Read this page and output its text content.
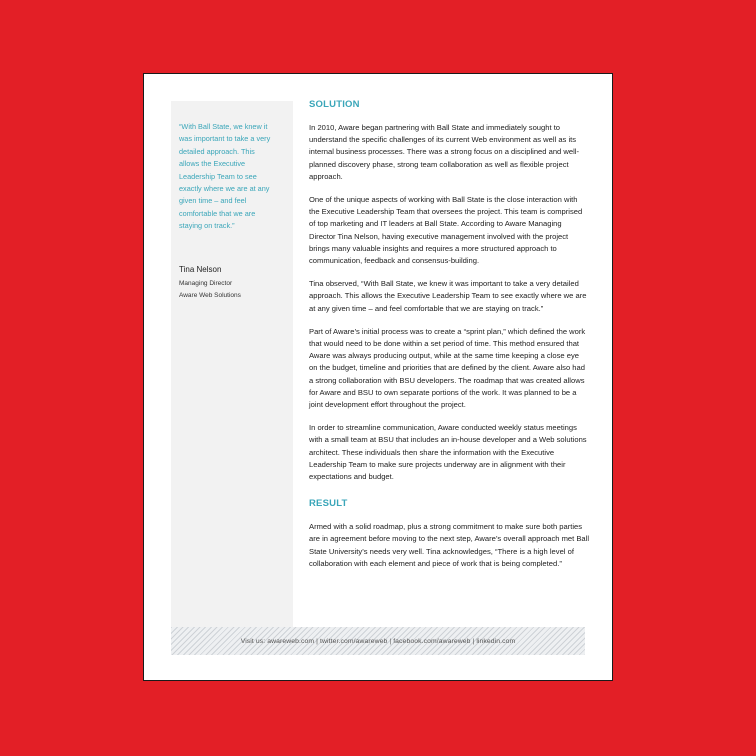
“With Ball State, we knew it was important to take a very detailed approach. This allows the Executive Leadership Team to see exactly where we are at any given time – and feel comfortable that we are staying on track.”

Tina Nelson

Managing Director
Aware Web Solutions
SOLUTION

In 2010, Aware began partnering with Ball State and immediately sought to understand the specific challenges of its current Web environment as well as its internal business processes. There was a strong focus on a disciplined and well-planned discovery phase, strong team collaboration as well as flexible project approach.

One of the unique aspects of working with Ball State is the close interaction with the Executive Leadership Team that oversees the project. This team is comprised of top marketing and IT leaders at Ball State. According to Aware Managing Director Tina Nelson, having executive management involved with the project brings many valuable insights and requires a more structured approach to communication, feedback and consensus-building.

Tina observed, “With Ball State, we knew it was important to take a very detailed approach. This allows the Executive Leadership Team to see exactly where we are at any given time – and feel comfortable that we are staying on track.”

Part of Aware’s initial process was to create a “sprint plan,” which defined the work that would need to be done within a set period of time. This method ensured that Aware was always producing output, while at the same time keeping a close eye on the budget, timeline and priorities that are defined by the client. Aware also had a strong collaboration with BSU developers. The roadmap that was created allows for Aware and BSU to own separate portions of the work. It was planned to be a joint development effort throughout the project.

In order to streamline communication, Aware conducted weekly status meetings with a small team at BSU that includes an in-house developer and a Web solutions architect. These individuals then share the information with the Executive Leadership Team to make sure projects underway are in alignment with their expectations and budget.

RESULT

Armed with a solid roadmap, plus a strong commitment to make sure both parties are in agreement before moving to the next step, Aware’s overall approach met Ball State University’s needs very well. Tina acknowledges, “There is a high level of collaboration with each element and piece of work that is being completed.”

Visit us: awareweb.com | twitter.com/awareweb | facebook.com/awareweb | linkedin.com
